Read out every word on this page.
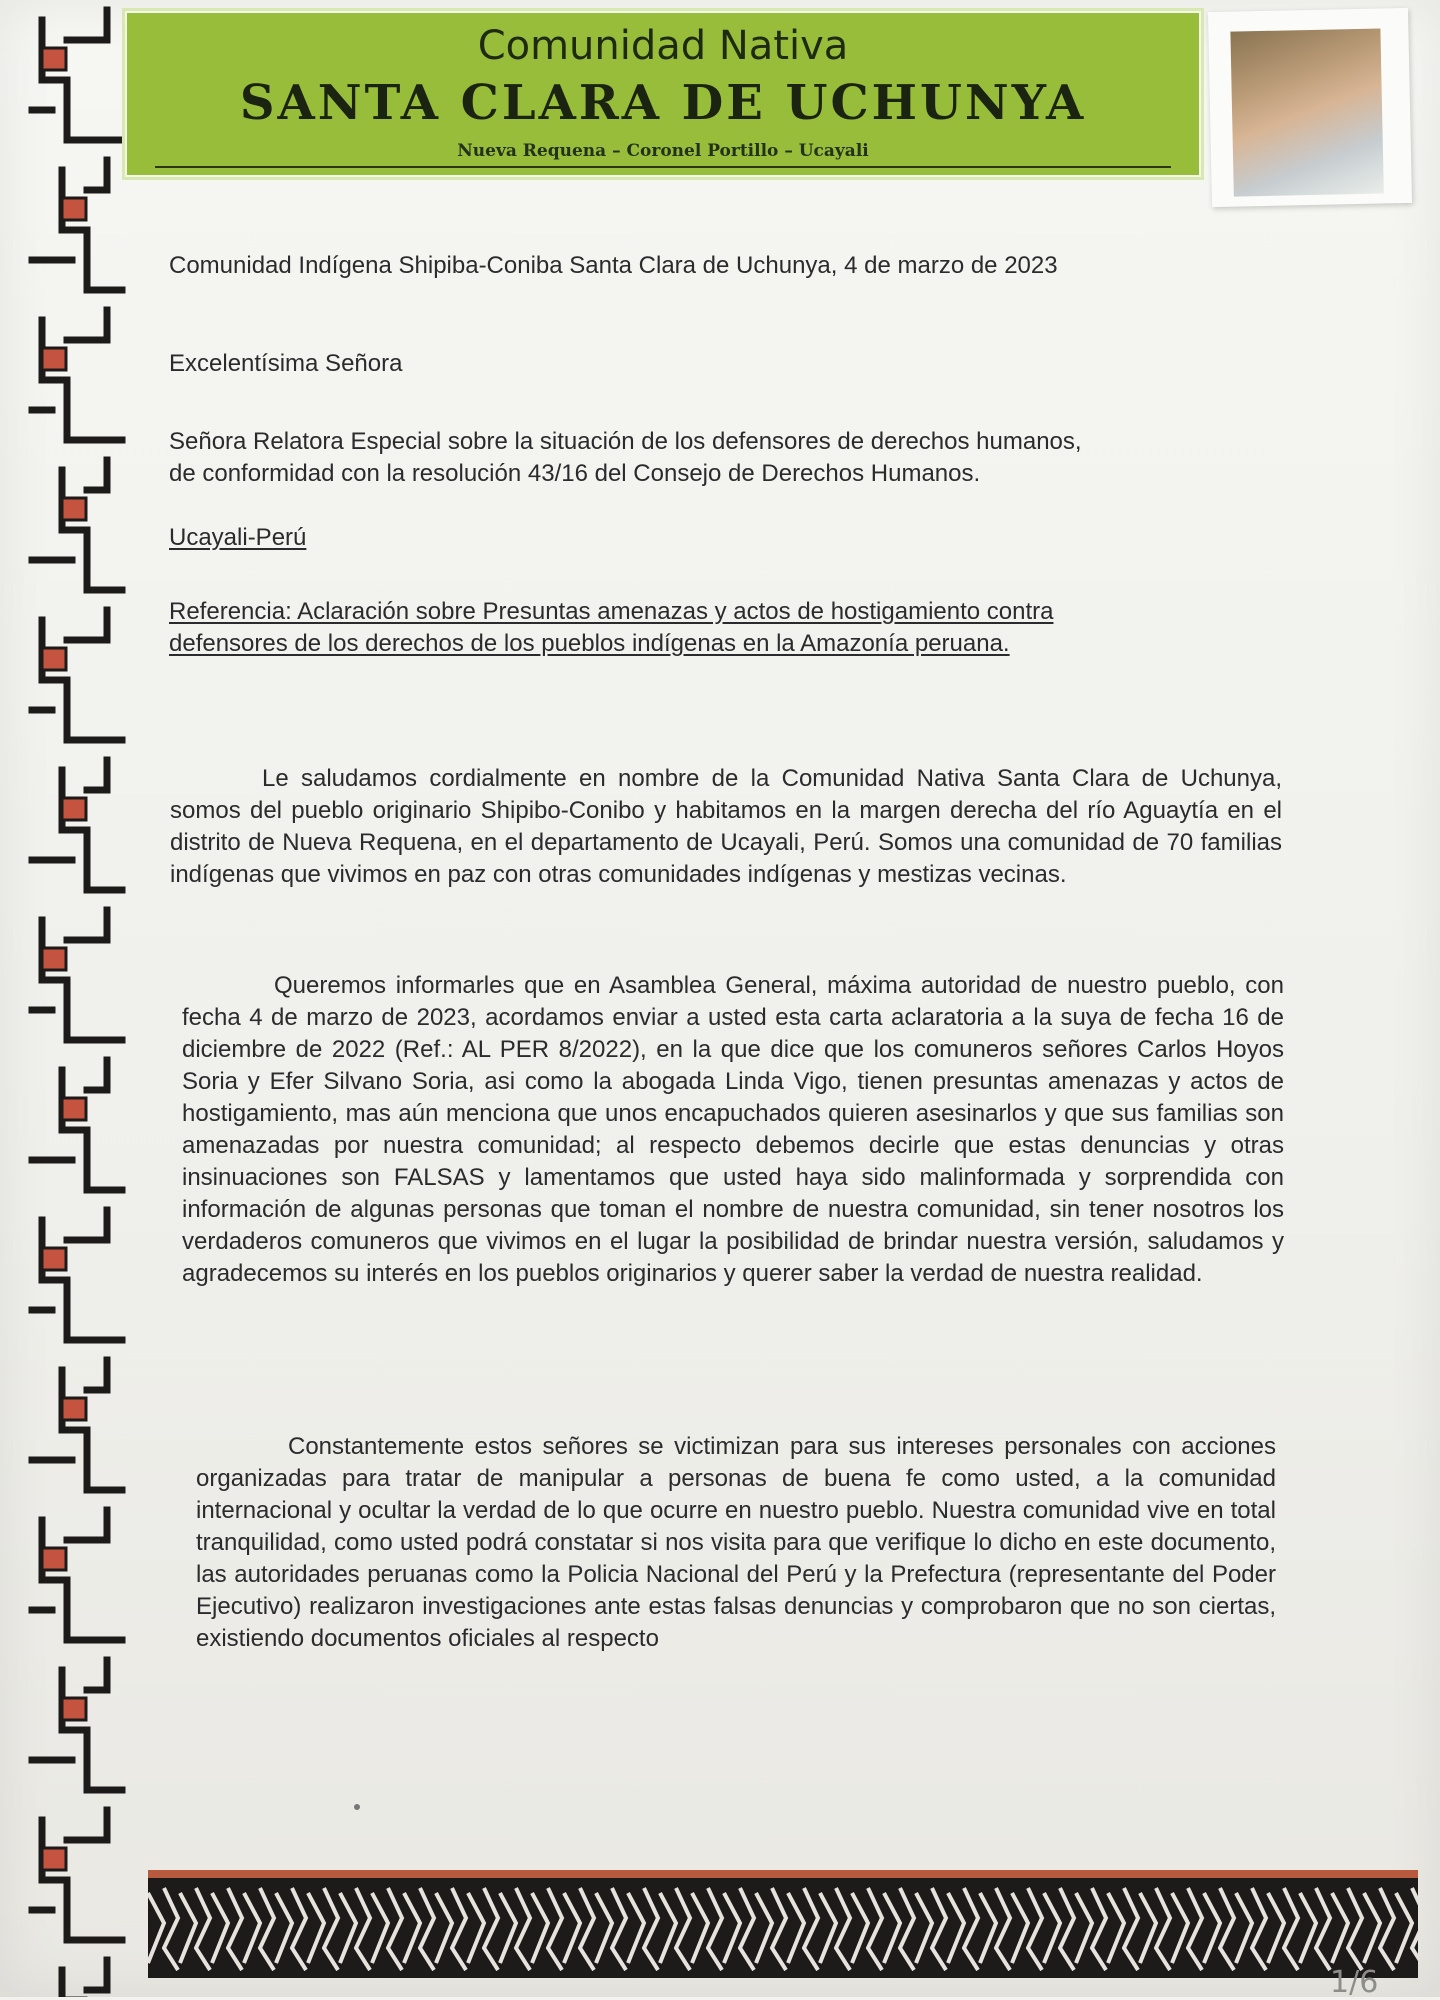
Comunidad Nativa
SANTA CLARA DE UCHUNYA
Nueva Requena – Coronel Portillo – Ucayali
Comunidad Indígena Shipiba-Coniba Santa Clara de Uchunya, 4 de marzo de 2023
Excelentísima Señora
Señora Relatora Especial sobre la situación de los defensores de derechos humanos,
de conformidad con la resolución 43/16 del Consejo de Derechos Humanos.
Ucayali-Perú
Referencia: Aclaración sobre Presuntas amenazas y actos de hostigamiento contra
defensores de los derechos de los pueblos indígenas en la Amazonía peruana.
Le saludamos cordialmente en nombre de la Comunidad Nativa Santa Clara de Uchunya, somos del pueblo originario Shipibo-Conibo y habitamos en la margen derecha del río Aguaytía en el distrito de Nueva Requena, en el departamento de Ucayali, Perú. Somos una comunidad de 70 familias indígenas que vivimos en paz con otras comunidades indígenas y mestizas vecinas.
Queremos informarles que en Asamblea General, máxima autoridad de nuestro pueblo, con fecha 4 de marzo de 2023, acordamos enviar a usted esta carta aclaratoria a la suya de fecha 16 de diciembre de 2022 (Ref.: AL PER 8/2022), en la que dice que los comuneros señores Carlos Hoyos Soria y Efer Silvano Soria, asi como la abogada Linda Vigo, tienen presuntas amenazas y actos de hostigamiento, mas aún menciona que unos encapuchados quieren asesinarlos y que sus familias son amenazadas por nuestra comunidad; al respecto debemos decirle que estas denuncias y otras insinuaciones son FALSAS y lamentamos que usted haya sido malinformada y sorprendida con información de algunas personas que toman el nombre de nuestra comunidad, sin tener nosotros los verdaderos comuneros que vivimos en el lugar la posibilidad de brindar nuestra versión, saludamos y agradecemos su interés en los pueblos originarios y querer saber la verdad de nuestra realidad.
Constantemente estos señores se victimizan para sus intereses personales con acciones organizadas para tratar de manipular a personas de buena fe como usted, a la comunidad internacional y ocultar la verdad de lo que ocurre en nuestro pueblo. Nuestra comunidad vive en total tranquilidad, como usted podrá constatar si nos visita para que verifique lo dicho en este documento, las autoridades peruanas como la Policia Nacional del Perú y la Prefectura (representante del Poder Ejecutivo) realizaron investigaciones ante estas falsas denuncias y comprobaron que no son ciertas, existiendo documentos oficiales al respecto
1/6
